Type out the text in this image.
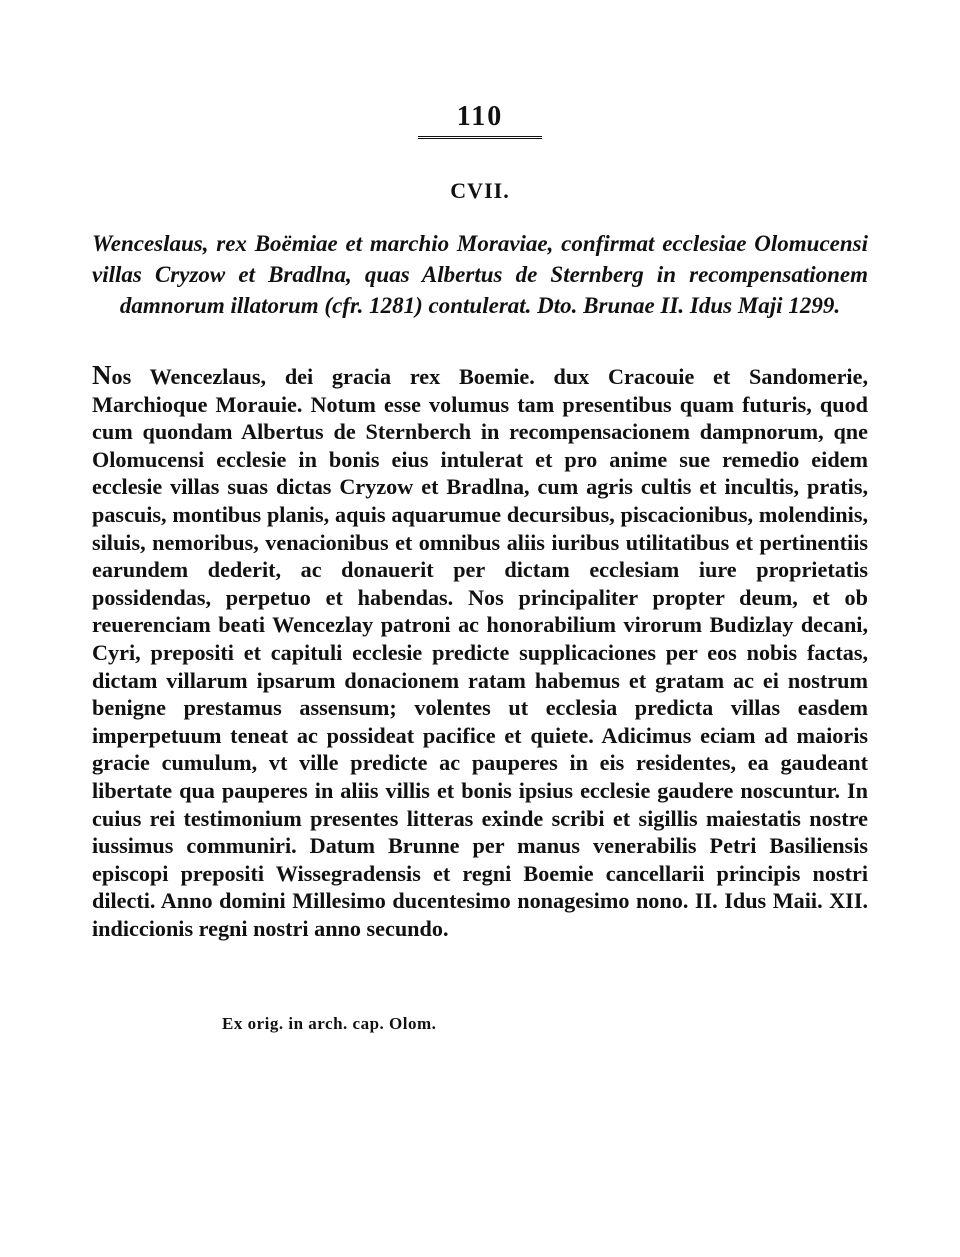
110
CVII.

Wenceslaus, rex Boëmiae et marchio Moraviae, confirmat ecclesiae Olomucensi villas Cryzow et Bradlna, quas Albertus de Sternberg in recompensationem damnorum illatorum (cfr. 1281) contulerat. Dto. Brunae II. Idus Maji 1299.

Nos Wencezlaus, dei gracia rex Boemie. dux Cracouie et Sandomerie, Marchioque Morauie. Notum esse volumus tam presentibus quam futuris, quod cum quondam Albertus de Sternberch in recompensacionem dampnorum, qne Olomucensi ecclesie in bonis eius intulerat et pro anime sue remedio eidem ecclesie villas suas dictas Cryzow et Bradlna, cum agris cultis et incultis, pratis, pascuis, montibus planis, aquis aquarumue decursibus, piscacionibus, molendinis, siluis, nemoribus, venacionibus et omnibus aliis iuribus utilitatibus et pertinentiis earundem dederit, ac donauerit per dictam ecclesiam iure proprietatis possidendas, perpetuo et habendas. Nos principaliter propter deum, et ob reuerenciam beati Wencezlay patroni ac honorabilium virorum Budizlay decani, Cyri, prepositi et capituli ecclesie predicte supplicaciones per eos nobis factas, dictam villarum ipsarum donacionem ratam habemus et gratam ac ei nostrum benigne prestamus assensum; volentes ut ecclesia predicta villas easdem imperpetuum teneat ac possideat pacifice et quiete. Adicimus eciam ad maioris gracie cumulum, vt ville predicte ac pauperes in eis residentes, ea gaudeant libertate qua pauperes in aliis villis et bonis ipsius ecclesie gaudere noscuntur. In cuius rei testimonium presentes litteras exinde scribi et sigillis maiestatis nostre iussimus communiri. Datum Brunne per manus venerabilis Petri Basiliensis episcopi prepositi Wissegradensis et regni Boemie cancellarii principis nostri dilecti. Anno domini Millesimo ducentesimo nonagesimo nono. II. Idus Maii. XII. indiccionis regni nostri anno secundo.

Ex orig. in arch. cap. Olom.
